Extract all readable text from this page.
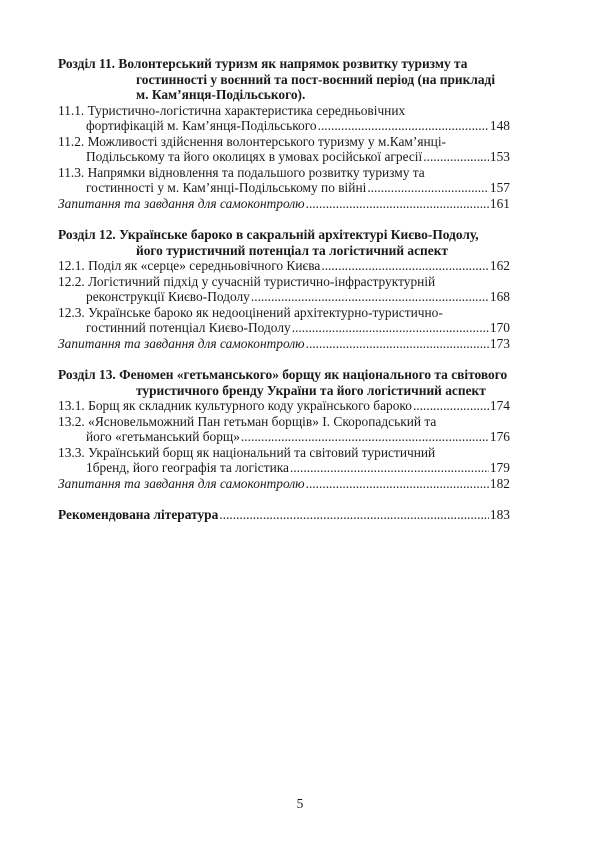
Розділ 11. Волонтерський туризм як напрямок розвитку туризму та
гостинності у воєнний та пост-воєнний період (на прикладі
м. Кам’янця-Подільського).

11.1. Туристично-логістична характеристика середньовічних
фортифікацій м. Кам’янця-Подільського .....	148
11.2. Можливості здійснення волонтерського туризму у м.Кам’янці-
Подільському та його околицях в умовах російської агресії .....	153
11.3. Напрямки відновлення та подальшого розвитку туризму та
гостинності у м. Кам’янці-Подільському по війні .....	157
Запитання та завдання для самоконтролю .....	161

Розділ 12. Українське бароко в сакральній архітектурі Києво-Подолу,
його туристичний потенціал та логістичний аспект

12.1. Поділ як «серце» середньовічного Києва .....	162
12.2. Логістичний підхід у сучасній туристично-інфраструктурній
реконструкції Києво-Подолу .....	168
12.3. Українське бароко як недооцінений архітектурно-туристично-
гостинний потенціал Києво-Подолу .....	170
Запитання та завдання для самоконтролю .....	173

Розділ 13. Феномен «гетьманського» борщу як національного та світового
туристичного бренду України та його логістичний аспект

13.1. Борщ як складник культурного коду українського бароко .....	174
13.2. «Ясновельможний Пан гетьман борщів» І. Скоропадський та
його «гетьманський борщ» .....	176
13.3. Український борщ як національний та світовий туристичний
1бренд, його географія та логістика .....	179
Запитання та завдання для самоконтролю .....	182
Рекомендована література .....	183
5
